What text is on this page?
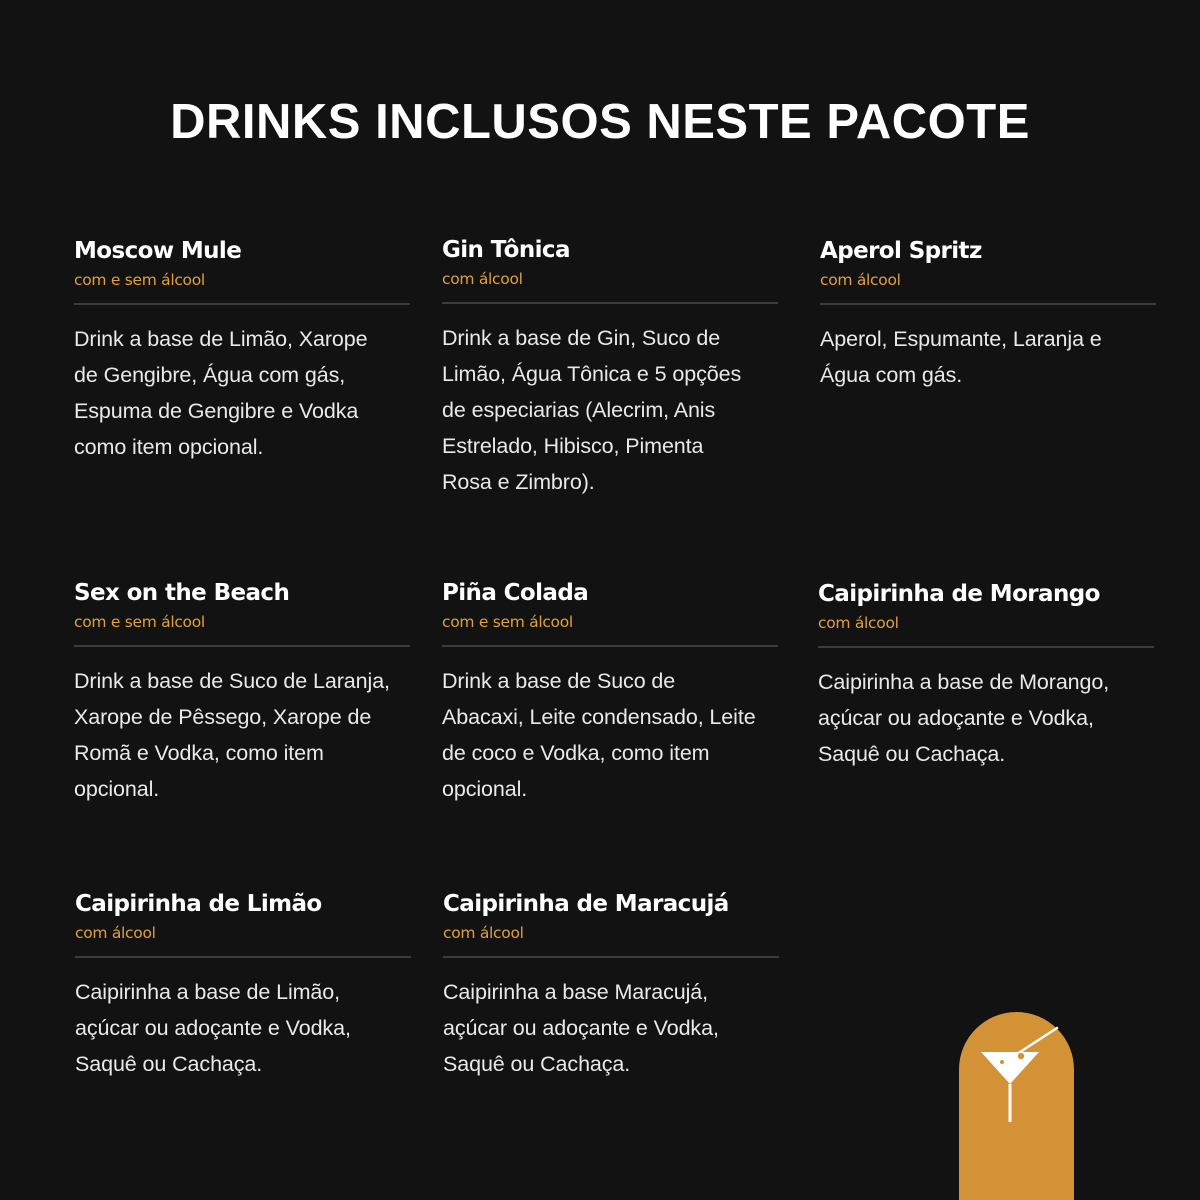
DRINKS INCLUSOS NESTE PACOTE
Moscow Mule
com e sem álcool

Drink a base de Limão, Xarope
de Gengibre, Água com gás,
Espuma de Gengibre e Vodka
como item opcional.

Gin Tônica
com álcool

Drink a base de Gin, Suco de
Limão, Água Tônica e 5 opções
de especiarias (Alecrim, Anis
Estrelado, Hibisco, Pimenta
Rosa e Zimbro).

Aperol Spritz
com álcool

Aperol, Espumante, Laranja e
Água com gás.

Sex on the Beach
com e sem álcool

Drink a base de Suco de Laranja,
Xarope de Pêssego, Xarope de
Romã e Vodka, como item
opcional.

Piña Colada
com e sem álcool

Drink a base de Suco de
Abacaxi, Leite condensado, Leite
de coco e Vodka, como item
opcional.

Caipirinha de Morango
com álcool

Caipirinha a base de Morango,
açúcar ou adoçante e Vodka,
Saquê ou Cachaça.

Caipirinha de Limão
com álcool

Caipirinha a base de Limão,
açúcar ou adoçante e Vodka,
Saquê ou Cachaça.

Caipirinha de Maracujá
com álcool

Caipirinha a base Maracujá,
açúcar ou adoçante e Vodka,
Saquê ou Cachaça.
